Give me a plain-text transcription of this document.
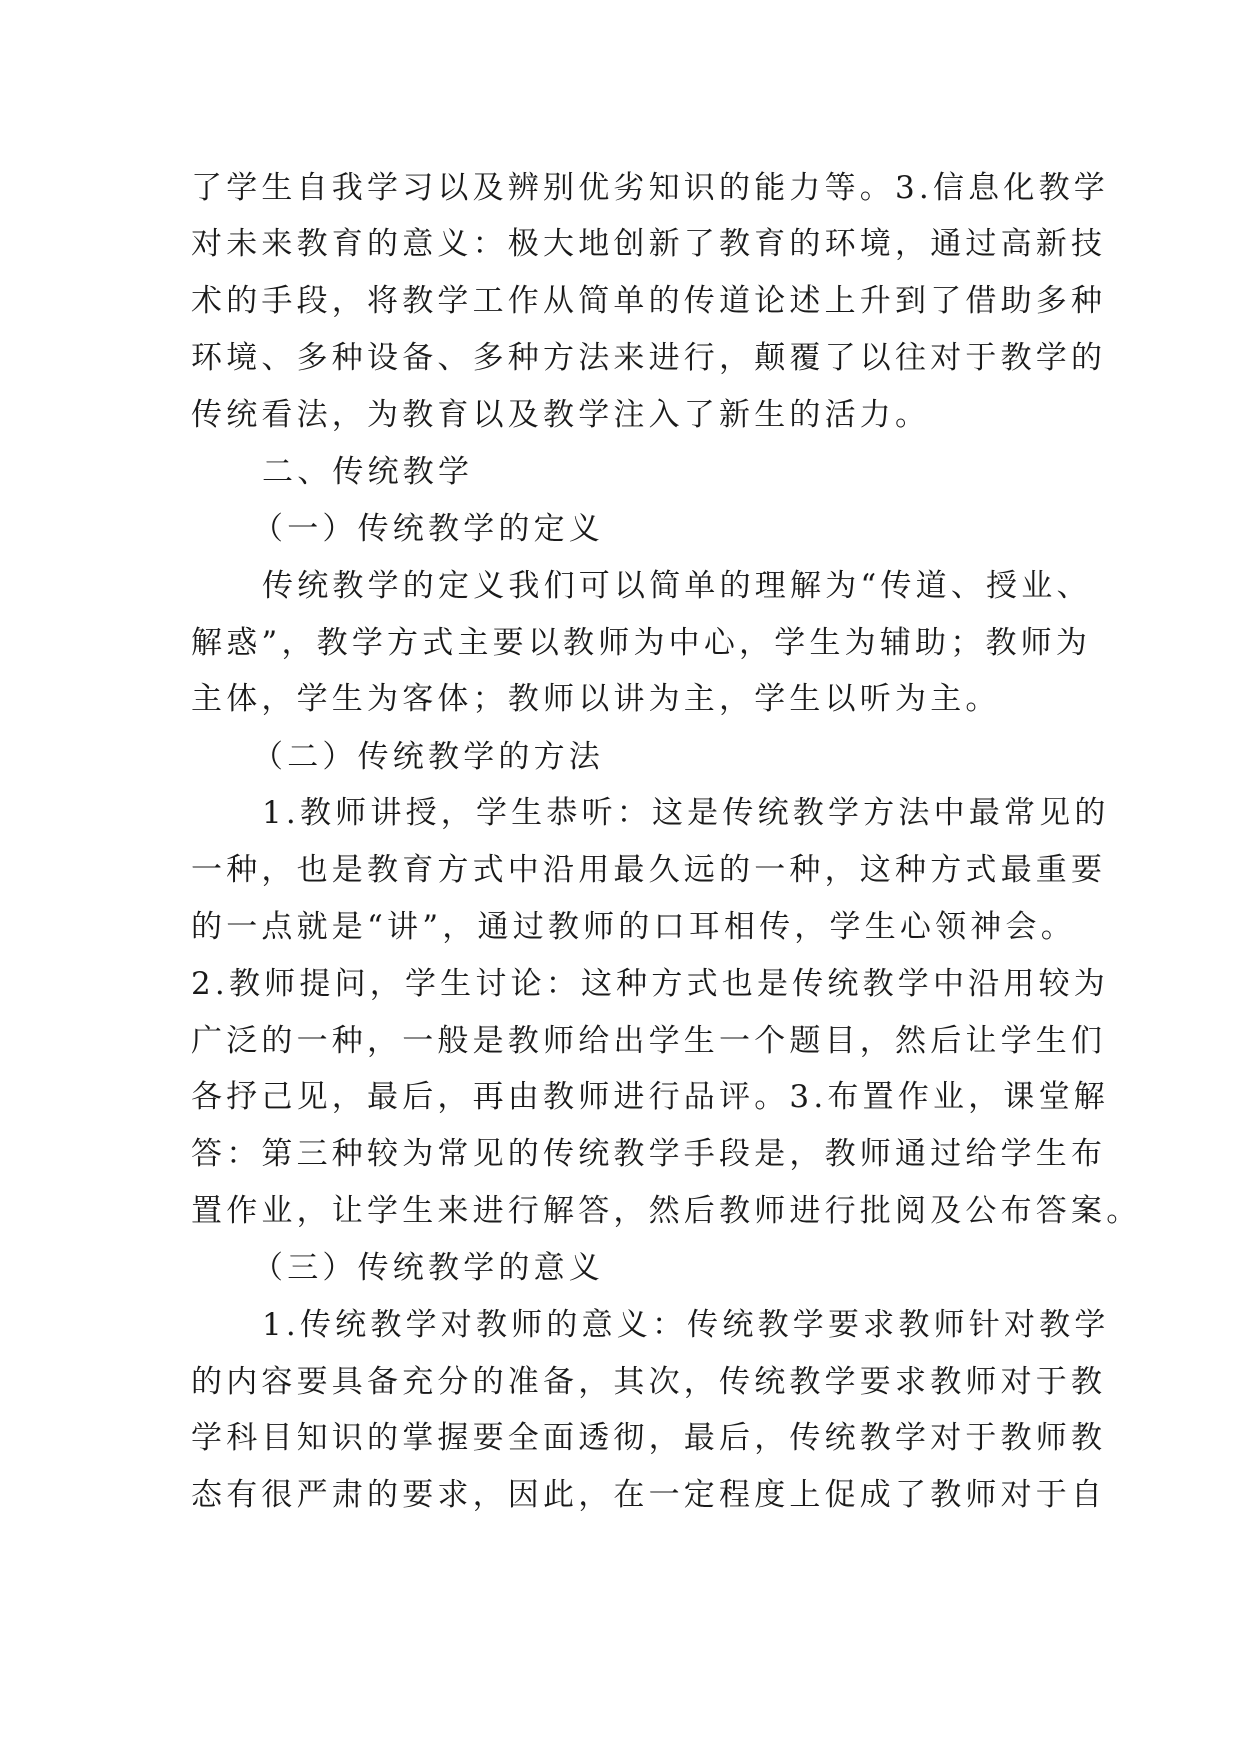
了学生自我学习以及辨别优劣知识的能力等。3.信息化教学

对未来教育的意义：极大地创新了教育的环境，通过高新技

术的手段，将教学工作从简单的传道论述上升到了借助多种

环境、多种设备、多种方法来进行，颠覆了以往对于教学的

传统看法，为教育以及教学注入了新生的活力。

二、传统教学

（一）传统教学的定义

传统教学的定义我们可以简单的理解为“传道、授业、

解惑”，教学方式主要以教师为中心，学生为辅助；教师为

主体，学生为客体；教师以讲为主，学生以听为主。

（二）传统教学的方法

1.教师讲授，学生恭听：这是传统教学方法中最常见的

一种，也是教育方式中沿用最久远的一种，这种方式最重要

的一点就是“讲”，通过教师的口耳相传，学生心领神会。

2.教师提问，学生讨论：这种方式也是传统教学中沿用较为

广泛的一种，一般是教师给出学生一个题目，然后让学生们

各抒己见，最后，再由教师进行品评。3.布置作业，课堂解

答：第三种较为常见的传统教学手段是，教师通过给学生布

置作业，让学生来进行解答，然后教师进行批阅及公布答案。

（三）传统教学的意义

1.传统教学对教师的意义：传统教学要求教师针对教学

的内容要具备充分的准备，其次，传统教学要求教师对于教

学科目知识的掌握要全面透彻，最后，传统教学对于教师教

态有很严肃的要求，因此，在一定程度上促成了教师对于自
